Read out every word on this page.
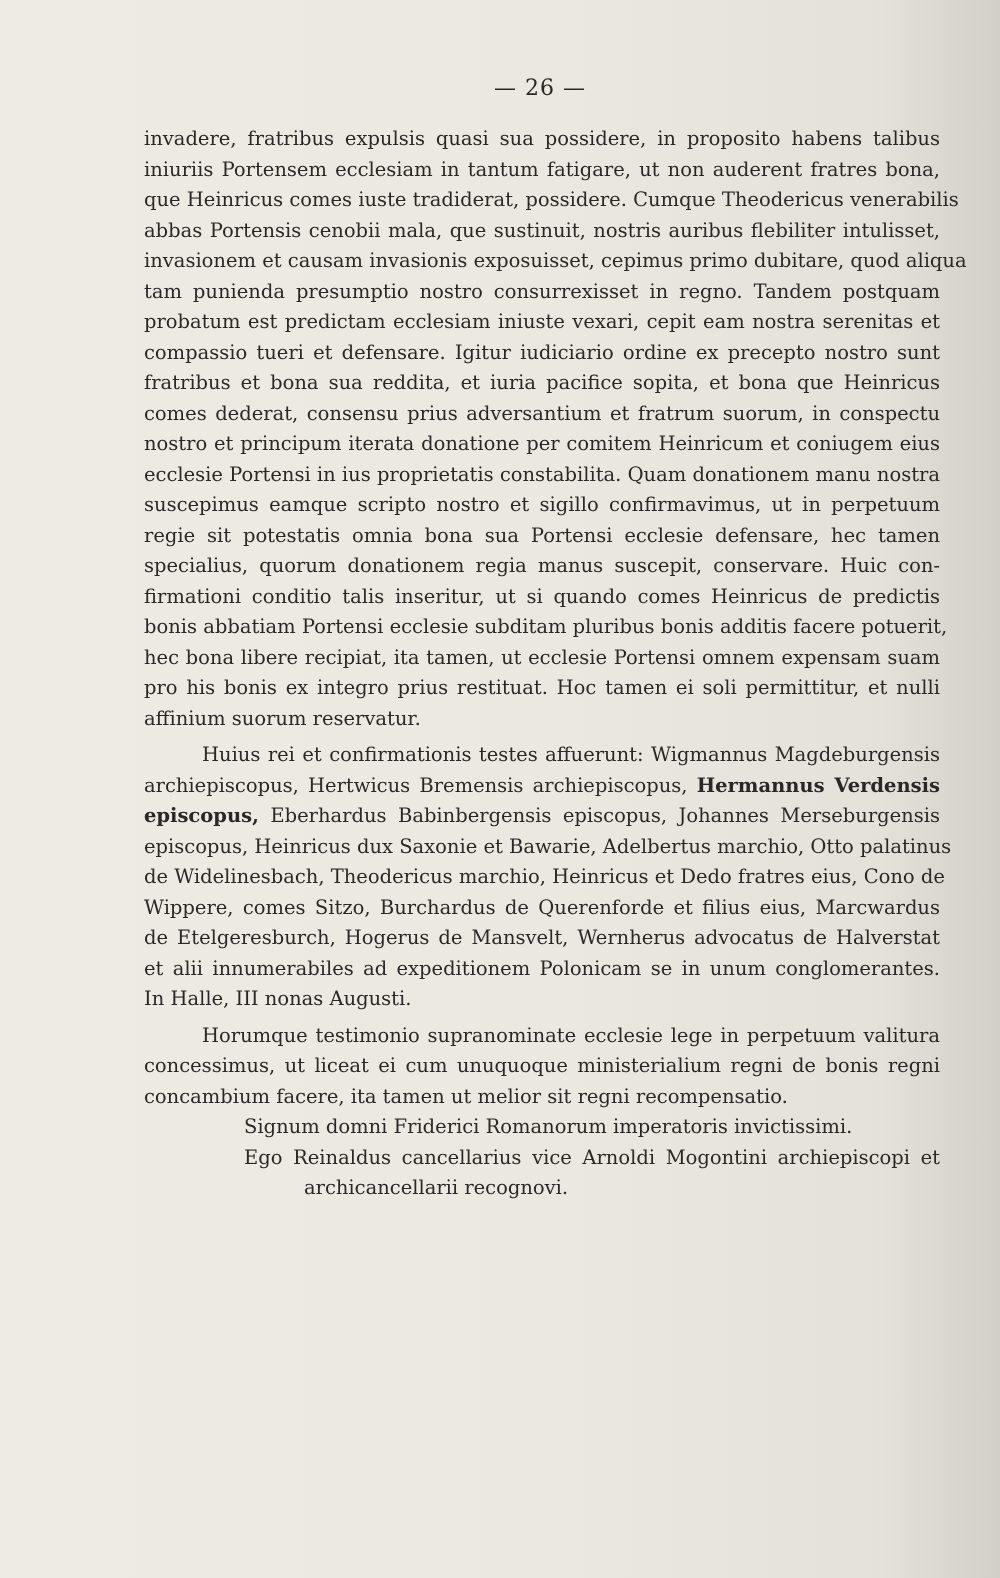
— 26 —
invadere, fratribus expulsis quasi sua possidere, in proposito habens talibus
iniuriis Portensem ecclesiam in tantum fatigare, ut non auderent fratres bona,
que Heinricus comes iuste tradiderat, possidere. Cumque Theodericus venerabilis
abbas Portensis cenobii mala, que sustinuit, nostris auribus flebiliter intulisset,
invasionem et causam invasionis exposuisset, cepimus primo dubitare, quod aliqua
tam punienda presumptio nostro consurrexisset in regno. Tandem postquam
probatum est predictam ecclesiam iniuste vexari, cepit eam nostra serenitas et
compassio tueri et defensare. Igitur iudiciario ordine ex precepto nostro sunt
fratribus et bona sua reddita, et iuria pacifice sopita, et bona que Heinricus
comes dederat, consensu prius adversantium et fratrum suorum, in conspectu
nostro et principum iterata donatione per comitem Heinricum et coniugem eius
ecclesie Portensi in ius proprietatis constabilita. Quam donationem manu nostra
suscepimus eamque scripto nostro et sigillo confirmavimus, ut in perpetuum
regie sit potestatis omnia bona sua Portensi ecclesie defensare, hec tamen
specialius, quorum donationem regia manus suscepit, conservare. Huic con-
firmationi conditio talis inseritur, ut si quando comes Heinricus de predictis
bonis abbatiam Portensi ecclesie subditam pluribus bonis additis facere potuerit,
hec bona libere recipiat, ita tamen, ut ecclesie Portensi omnem expensam suam
pro his bonis ex integro prius restituat. Hoc tamen ei soli permittitur, et nulli
affinium suorum reservatur.
Huius rei et confirmationis testes affuerunt: Wigmannus Magdeburgensis
archiepiscopus, Hertwicus Bremensis archiepiscopus, Hermannus Verdensis
episcopus, Eberhardus Babinbergensis episcopus, Johannes Merseburgensis
episcopus, Heinricus dux Saxonie et Bawarie, Adelbertus marchio, Otto palatinus
de Widelinesbach, Theodericus marchio, Heinricus et Dedo fratres eius, Cono de
Wippere, comes Sitzo, Burchardus de Querenforde et filius eius, Marcwardus
de Etelgeresburch, Hogerus de Mansvelt, Wernherus advocatus de Halverstat
et alii innumerabiles ad expeditionem Polonicam se in unum conglomerantes.
In Halle, III nonas Augusti.
Horumque testimonio supranominate ecclesie lege in perpetuum valitura
concessimus, ut liceat ei cum unuquoque ministerialium regni de bonis regni
concambium facere, ita tamen ut melior sit regni recompensatio.
Signum domni Friderici Romanorum imperatoris invictissimi.
Ego Reinaldus cancellarius vice Arnoldi Mogontini archiepiscopi et
archicancellarii recognovi.
